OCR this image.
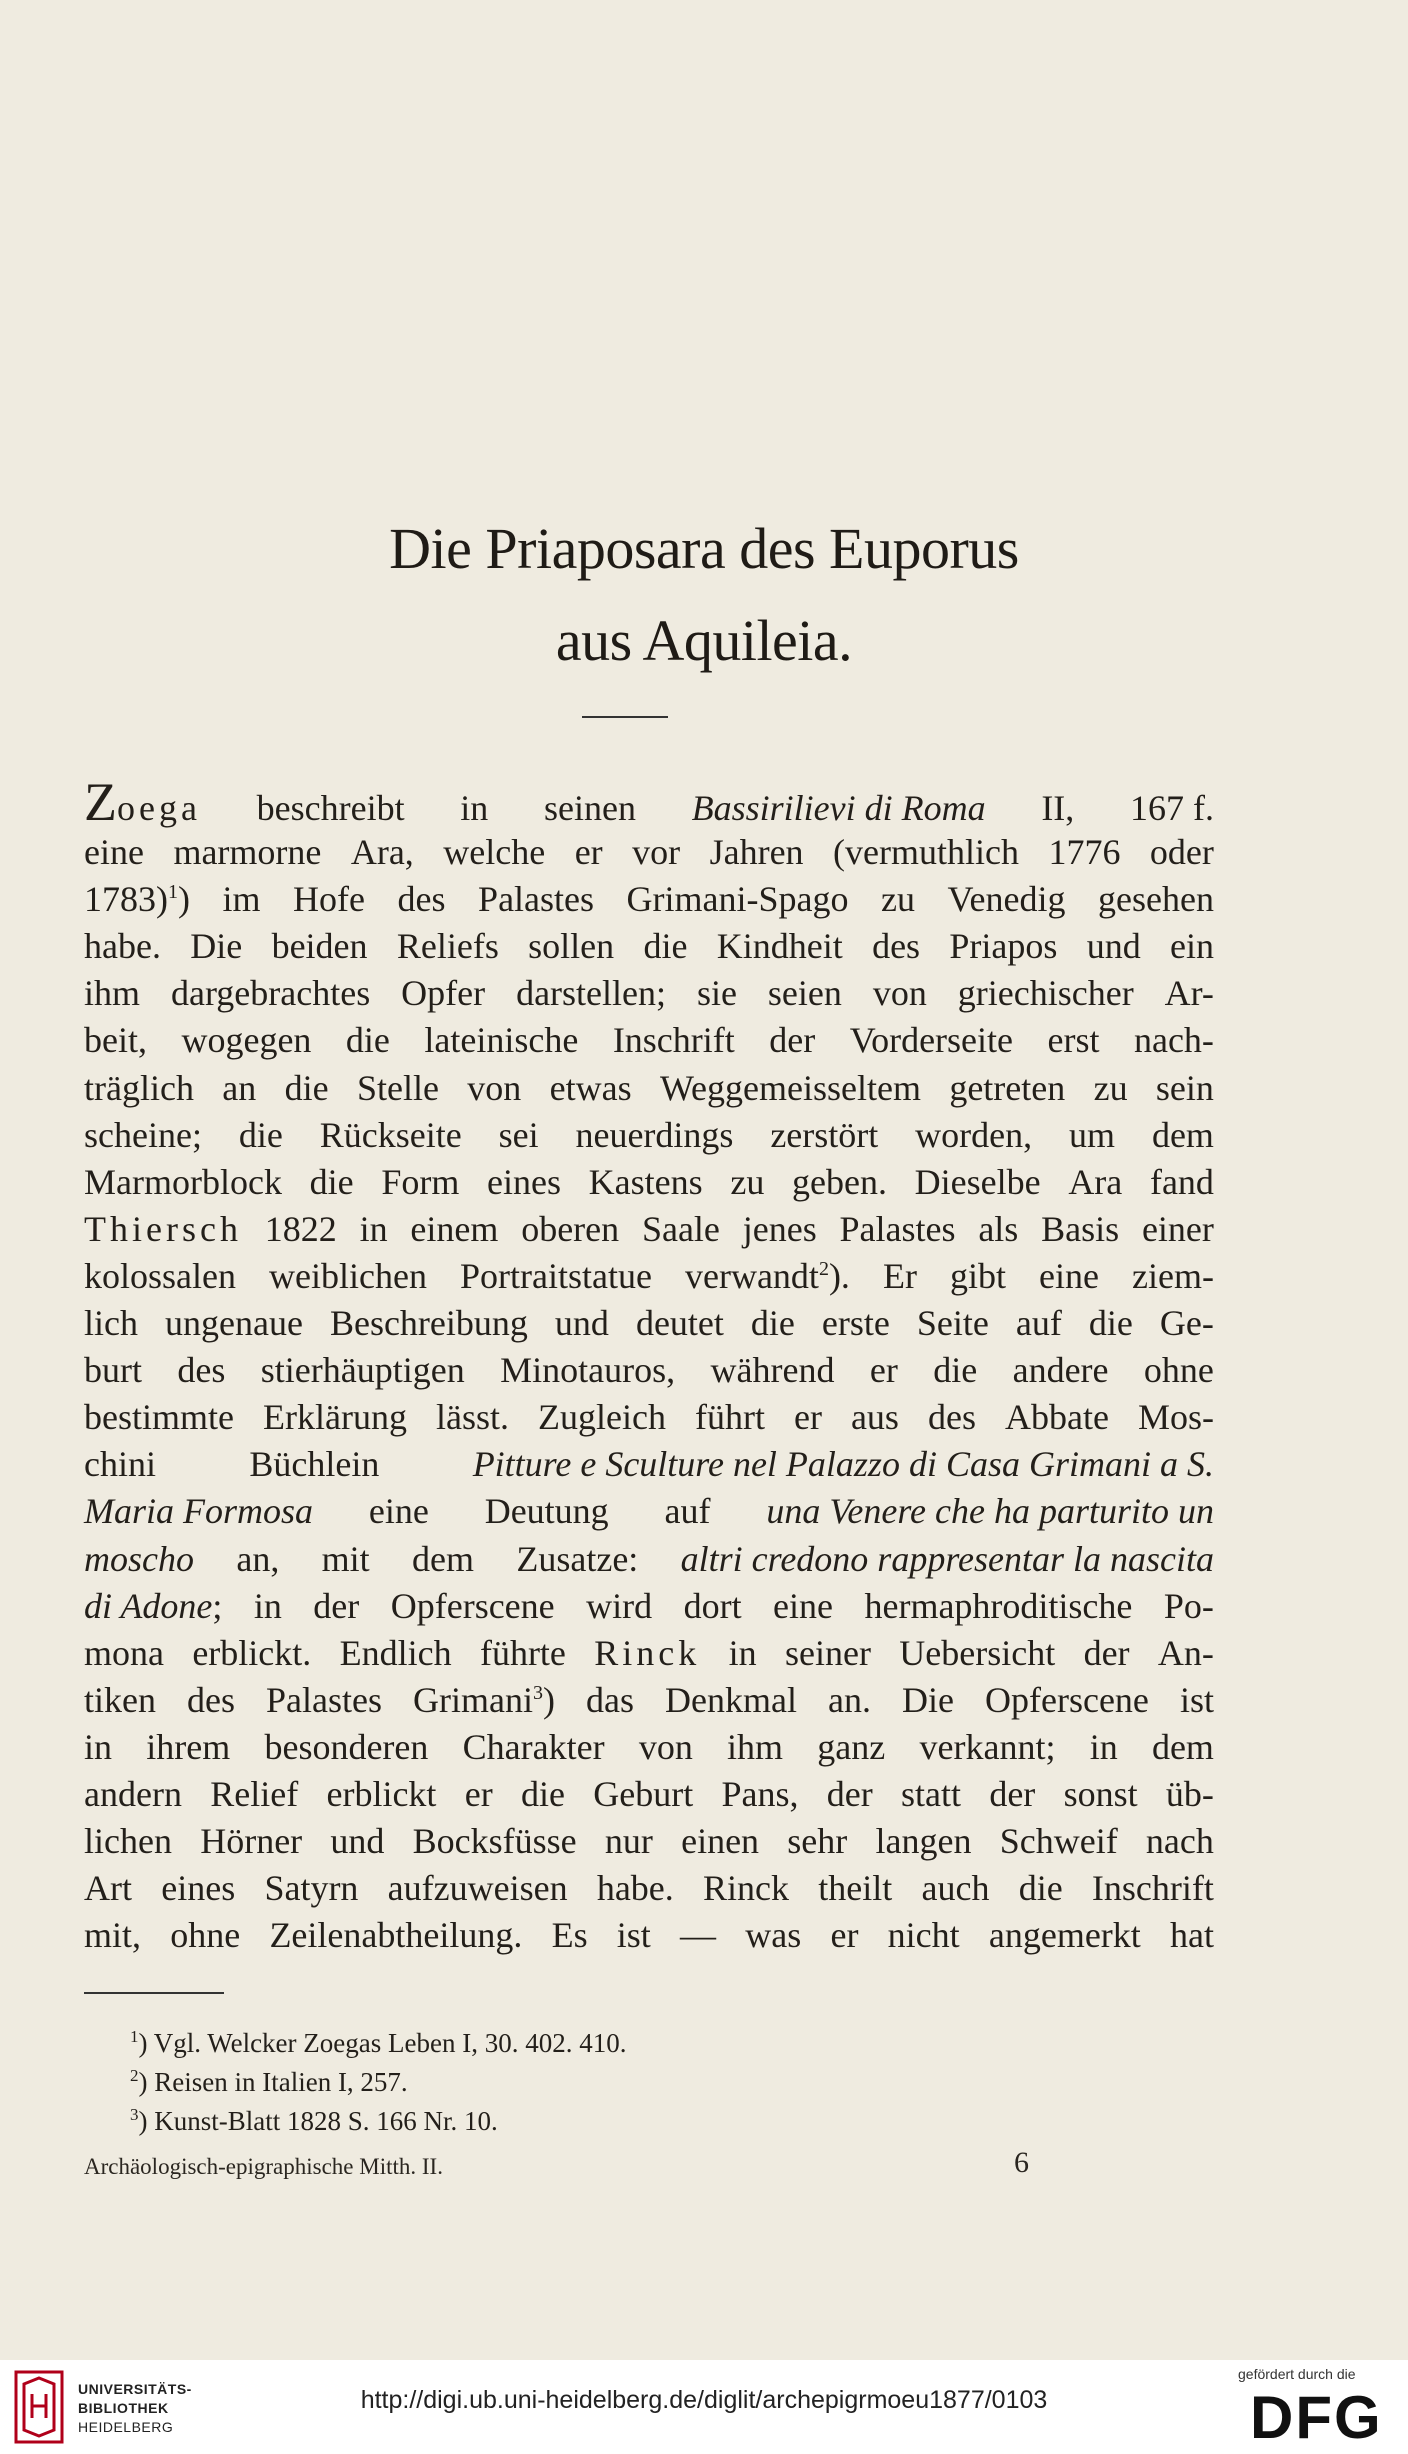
Die Priaposara des Euporus
aus Aquileia.
Zoega beschreibt in seinen Bassirilievi di Roma II, 167 f.
eine marmorne Ara, welche er vor Jahren (vermuthlich 1776 oder
1783)$^1$) im Hofe des Palastes Grimani-Spago zu Venedig gesehen
habe. Die beiden Reliefs sollen die Kindheit des Priapos und ein
ihm dargebrachtes Opfer darstellen; sie seien von griechischer Ar-
beit, wogegen die lateinische Inschrift der Vorderseite erst nach-
träglich an die Stelle von etwas Weggemeisseltem getreten zu sein
scheine; die Rückseite sei neuerdings zerstört worden, um dem
Marmorblock die Form eines Kastens zu geben. Dieselbe Ara fand
Thiersch 1822 in einem oberen Saale jenes Palastes als Basis einer
kolossalen weiblichen Portraitstatue verwandt$^2$). Er gibt eine ziem-
lich ungenaue Beschreibung und deutet die erste Seite auf die Ge-
burt des stierhäuptigen Minotauros, während er die andere ohne
bestimmte Erklärung lässt. Zugleich führt er aus des Abbate Mos-
chini	Büchlein	Pitture e Sculture nel Palazzo di Casa Grimani a S.
Maria Formosa eine Deutung auf una Venere che ha parturito un
moscho an, mit dem Zusatze: altri credono rappresentar la nascita
di Adone; in der Opferscene wird dort eine hermaphroditische Po-
mona erblickt. Endlich führte Rinck in seiner Uebersicht der An-
tiken des Palastes Grimani$^3$) das Denkmal an. Die Opferscene ist
in ihrem besonderen Charakter von ihm ganz verkannt; in dem
andern Relief erblickt er die Geburt Pans, der statt der sonst üb-
lichen Hörner und Bocksfüsse nur einen sehr langen Schweif nach
Art eines Satyrn aufzuweisen habe. Rinck theilt auch die Inschrift
mit, ohne Zeilenabtheilung. Es ist — was er nicht angemerkt hat
$^1$) Vgl. Welcker Zoegas Leben I, 30. 402. 410.
$^2$) Reisen in Italien I, 257.
$^3$) Kunst-Blatt 1828 S. 166 Nr. 10.
Archäologisch-epigraphische Mitth. II.	6
UNIVERSITÄTS-
BIBLIOTHEK
HEIDELBERG
http://digi.ub.uni-heidelberg.de/diglit/archepigrmoeu1877/0103
gefördert durch die
DFG
